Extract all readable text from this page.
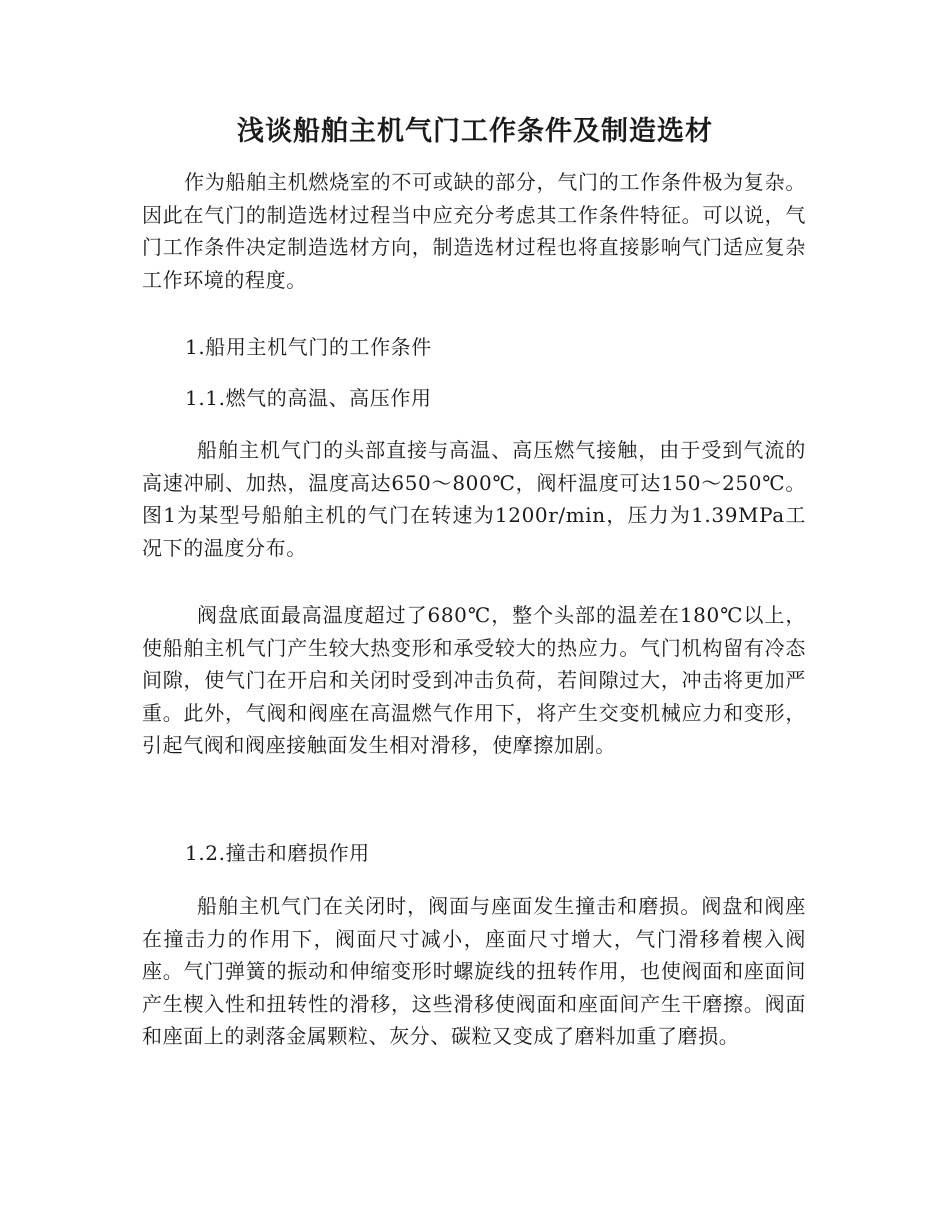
浅谈船舶主机气门工作条件及制造选材

作为船舶主机燃烧室的不可或缺的部分，气门的工作条件极为复杂。因此在气门的制造选材过程当中应充分考虑其工作条件特征。可以说，气门工作条件决定制造选材方向，制造选材过程也将直接影响气门适应复杂工作环境的程度。

1.船用主机气门的工作条件

1.1.燃气的高温、高压作用

船舶主机气门的头部直接与高温、高压燃气接触，由于受到气流的高速冲刷、加热，温度高达650～800℃，阀杆温度可达150～250℃。图1为某型号船舶主机的气门在转速为1200r/min，压力为1.39MPa工况下的温度分布。

阀盘底面最高温度超过了680℃，整个头部的温差在180℃以上，使船舶主机气门产生较大热变形和承受较大的热应力。气门机构留有冷态间隙，使气门在开启和关闭时受到冲击负荷，若间隙过大，冲击将更加严重。此外，气阀和阀座在高温燃气作用下，将产生交变机械应力和变形，引起气阀和阀座接触面发生相对滑移，使摩擦加剧。

1.2.撞击和磨损作用

船舶主机气门在关闭时，阀面与座面发生撞击和磨损。阀盘和阀座在撞击力的作用下，阀面尺寸减小，座面尺寸增大，气门滑移着楔入阀座。气门弹簧的振动和伸缩变形时螺旋线的扭转作用，也使阀面和座面间产生楔入性和扭转性的滑移，这些滑移使阀面和座面间产生干磨擦。阀面和座面上的剥落金属颗粒、灰分、碳粒又变成了磨料加重了磨损。
